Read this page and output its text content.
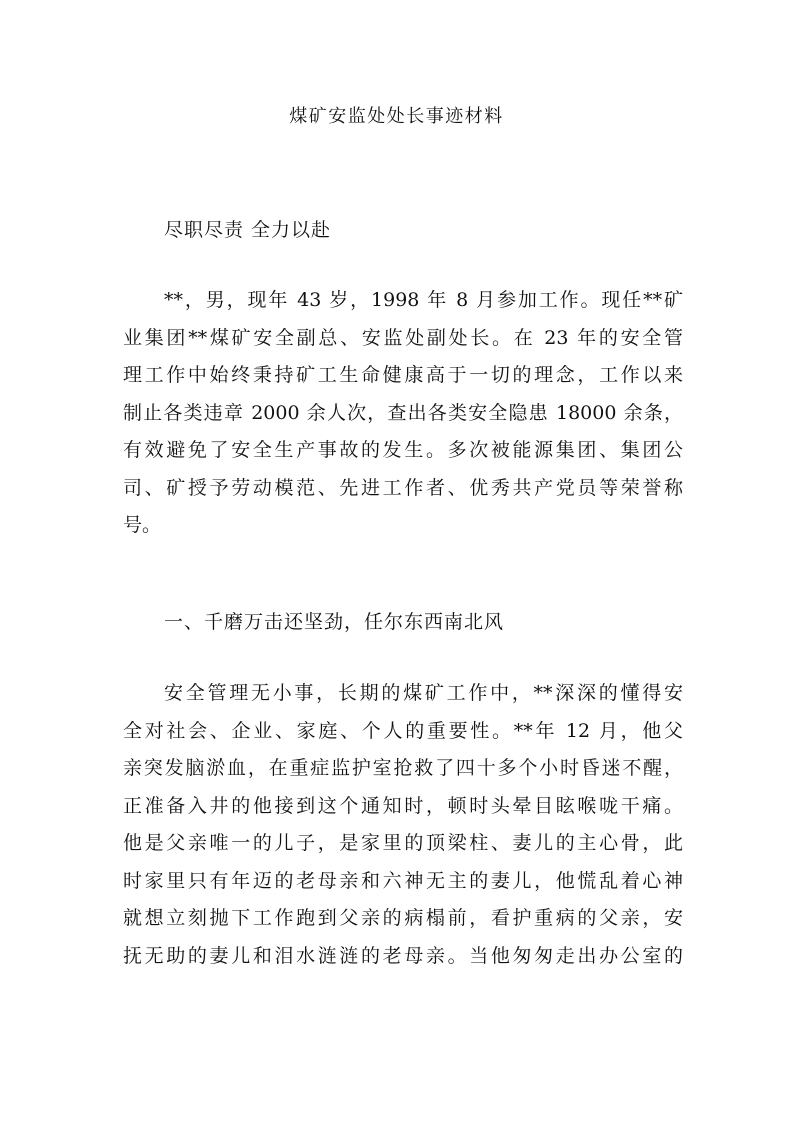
煤矿安监处处长事迹材料
尽职尽责 全力以赴
**，男，现年 43 岁，1998 年 8 月参加工作。现任**矿
业集团**煤矿安全副总、安监处副处长。在 23 年的安全管
理工作中始终秉持矿工生命健康高于一切的理念，工作以来
制止各类违章 2000 余人次，查出各类安全隐患 18000 余条，
有效避免了安全生产事故的发生。多次被能源集团、集团公
司、矿授予劳动模范、先进工作者、优秀共产党员等荣誉称
号。
一、千磨万击还坚劲，任尔东西南北风
安全管理无小事，长期的煤矿工作中，**深深的懂得安
全对社会、企业、家庭、个人的重要性。**年 12 月，他父
亲突发脑淤血，在重症监护室抢救了四十多个小时昏迷不醒，
正准备入井的他接到这个通知时，顿时头晕目眩喉咙干痛。
他是父亲唯一的儿子，是家里的顶梁柱、妻儿的主心骨，此
时家里只有年迈的老母亲和六神无主的妻儿，他慌乱着心神
就想立刻抛下工作跑到父亲的病榻前，看护重病的父亲，安
抚无助的妻儿和泪水涟涟的老母亲。当他匆匆走出办公室的
